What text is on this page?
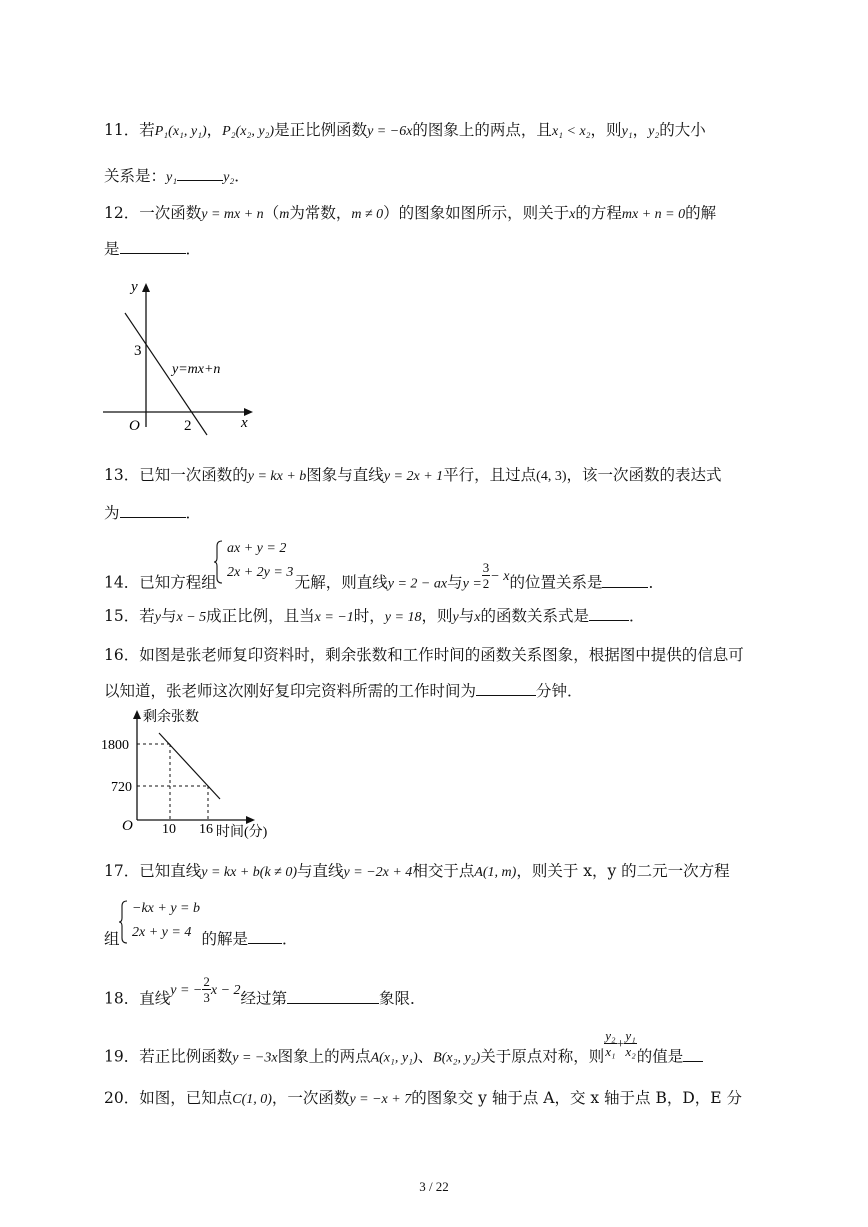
11．若P₁(x₁, y₁)，P₂(x₂, y₂)是正比例函数y = −6x的图象上的两点，且x₁ < x₂，则y₁，y₂的大小
关系是：y₁	y₂．
12．一次函数y = mx + n（m为常数，m ≠ 0）的图象如图所示，则关于x的方程mx + n = 0的解
是	．
y
x
O
3
2
y=mx+n
13．已知一次函数的y = kx + b图象与直线y = 2x + 1平行，且过点(4, 3)，该一次函数的表达式
为	．
ax + y = 2
2x + 2y = 3
14．已知方程组	无解，则直线y = 2 − ax与$y = \frac{3}{2} - x$的位置关系是	．
15．若y与x − 5成正比例，且当x = −1时，y = 18，则y与x的函数关系式是	．
16．如图是张老师复印资料时，剩余张数和工作时间的函数关系图象，根据图中提供的信息可
以知道，张老师这次刚好复印完资料所需的工作时间为	分钟．
剩余张数
1800
720
O 10 16 时间(分)
17．已知直线y = kx + b(k ≠ 0)与直线y = −2x + 4相交于点A(1, m)，则关于 x，y 的二元一次方程
−kx + y = b
2x + y = 4
组	的解是 ．
18．直线y = − $\frac{2}{3}$ x − 2经过第	象限．
19．若正比例函数y = −3x图象上的两点A(x₁, y₁)、B(x₂, y₂)关于原点对称，则 $\frac{\text{y₂}}{\text{x₁}} + \frac{\text{y₁}}{\text{x₂}}$ 的值是
20．如图，已知点C(1, 0)，一次函数y = −x + 7的图象交 y 轴于点 A，交 x 轴于点 B，D，E 分
3 / 22
